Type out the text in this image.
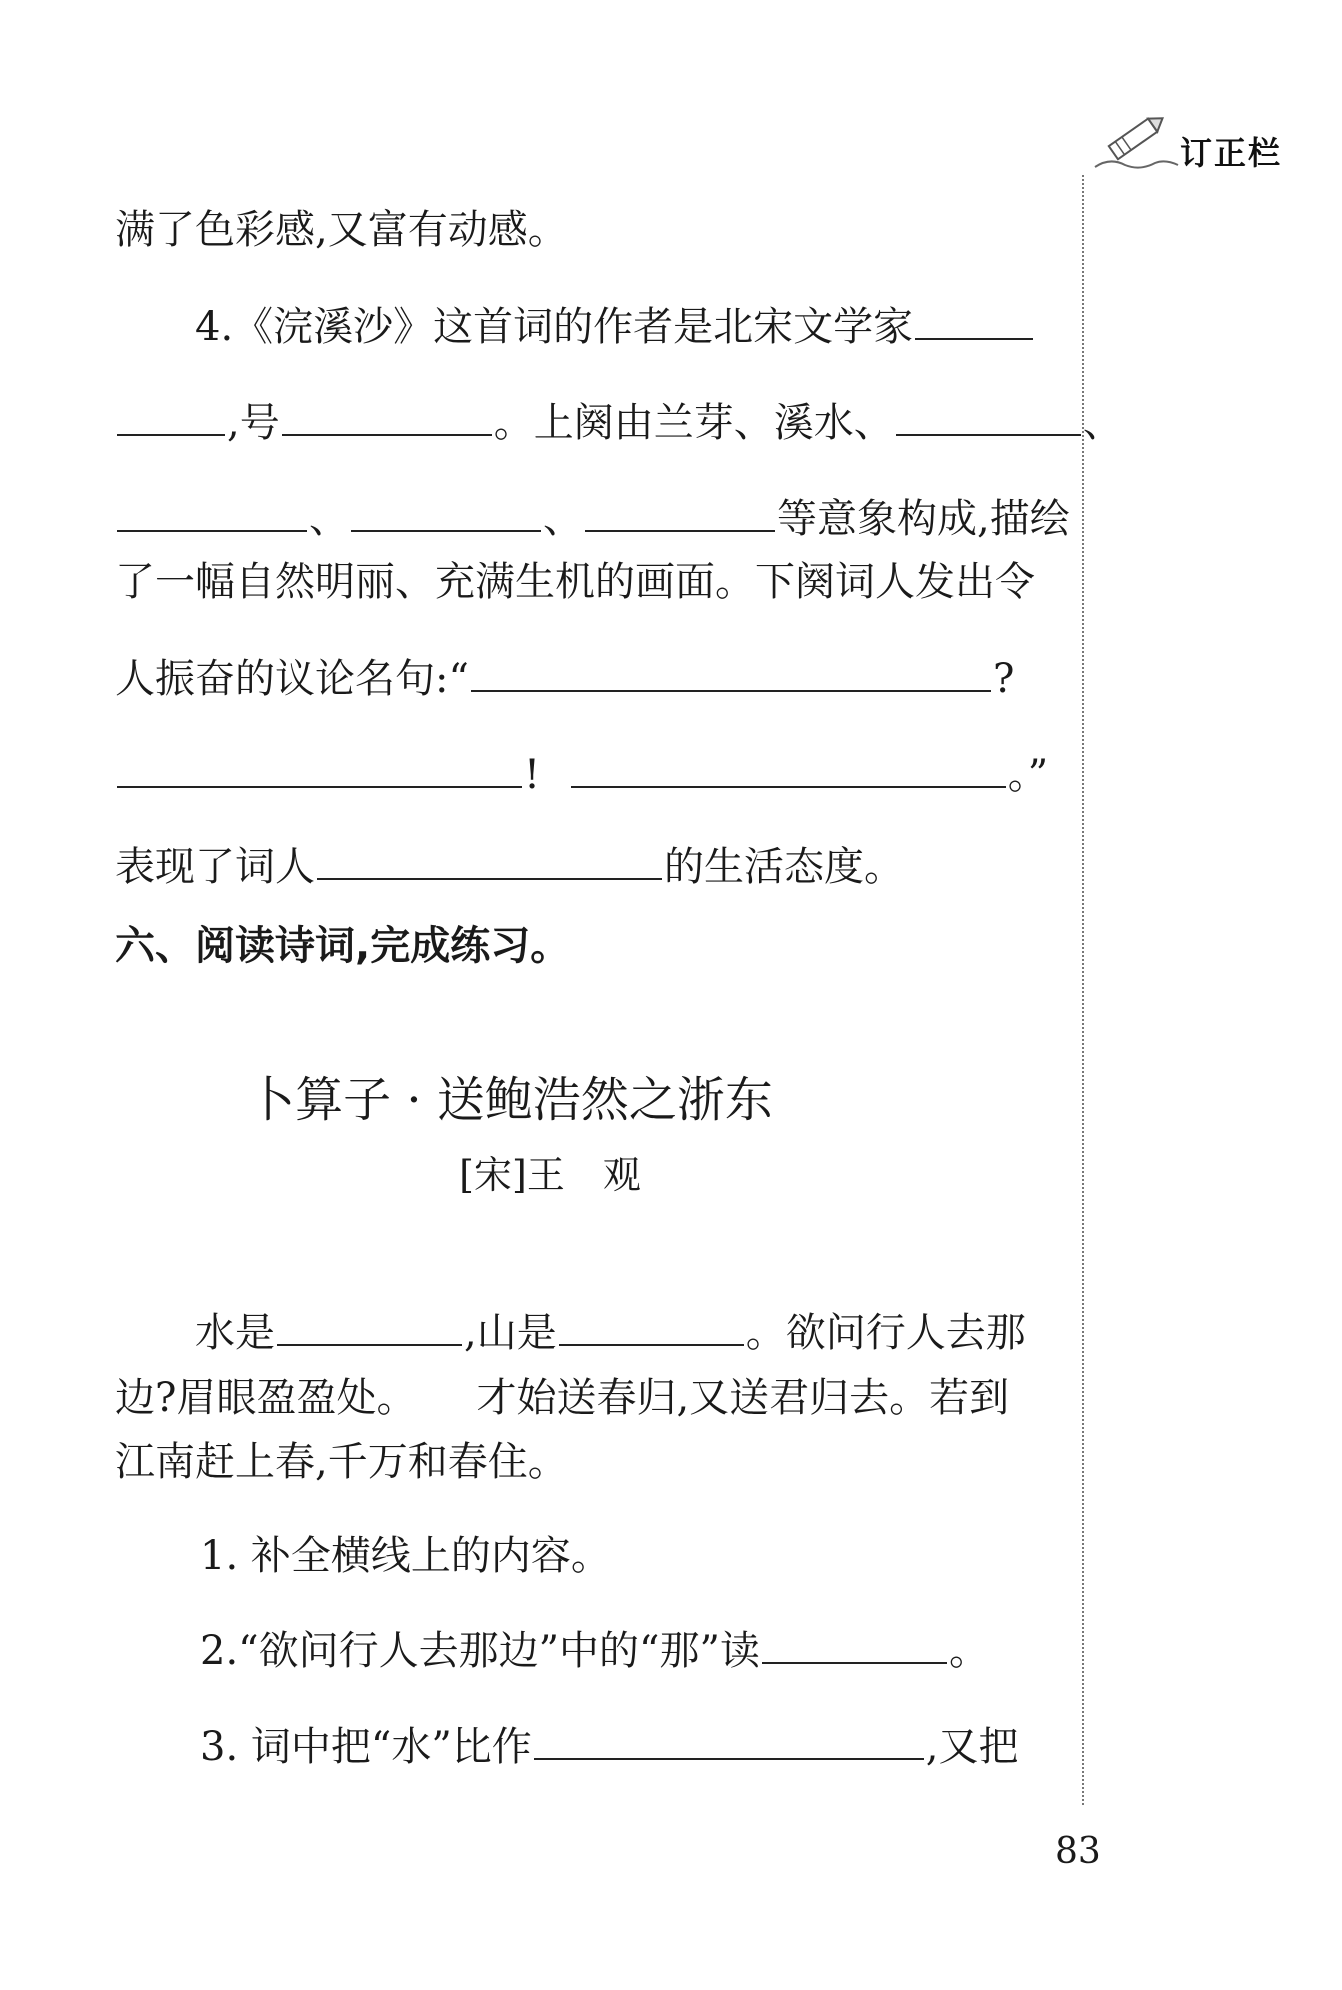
订正栏
满了色彩感,又富有动感。
4.《浣溪沙》这首词的作者是北宋文学家
,号	。上阕由兰芽、溪水、	、
、	、	等意象构成,描绘
了一幅自然明丽、充满生机的画面。下阕词人发出令
人振奋的议论名句:“	?
!	。”
表现了词人	的生活态度。
六、阅读诗词,完成练习。
卜算子 · 送鲍浩然之浙东
[宋]王　观
水是	,山是	。欲问行人去那
边?眉眼盈盈处。　　才始送春归,又送君归去。若到
江南赶上春,千万和春住。
1. 补全横线上的内容。
2.“欲问行人去那边”中的“那”读	。
3. 词中把“水”比作	,又把
83
